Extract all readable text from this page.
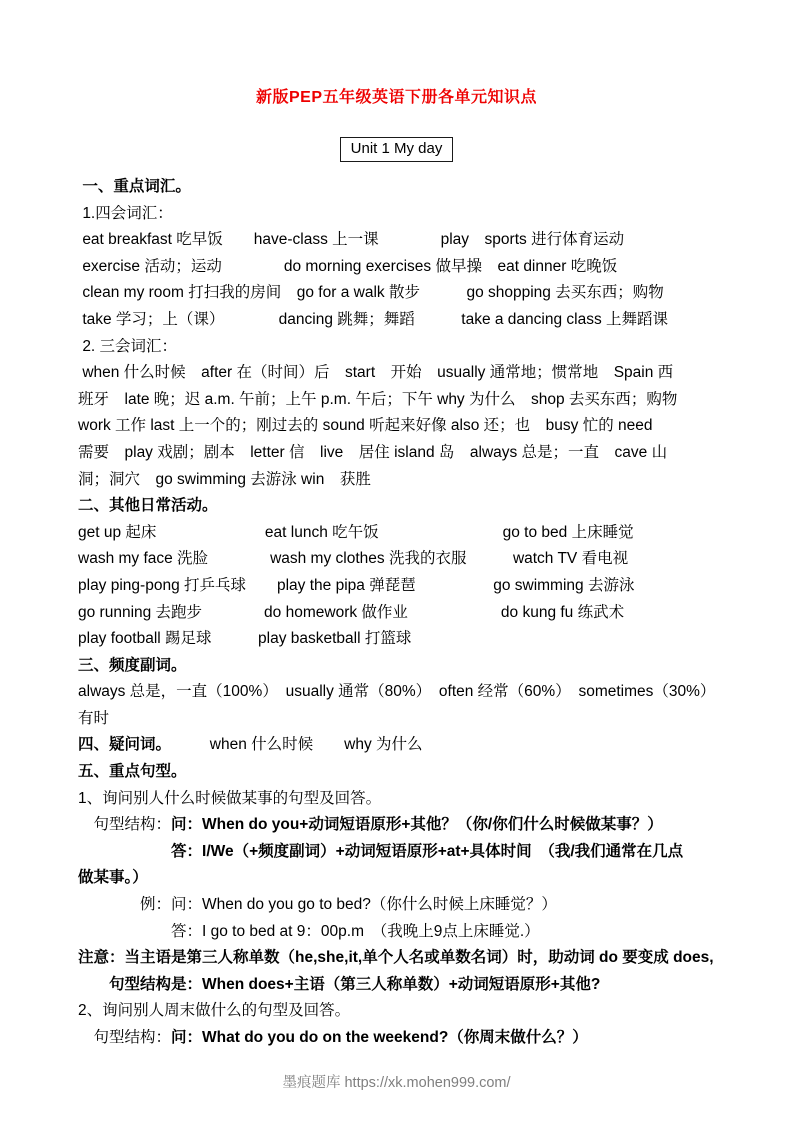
新版PEP五年级英语下册各单元知识点
Unit 1 My day
一、重点词汇。
1.四会词汇：
eat breakfast 吃早饭　　have-class 上一课　　　　play　sports 进行体育运动
exercise 活动；运动　　　　do morning exercises 做早操　eat dinner 吃晚饭
clean my room 打扫我的房间　go for a walk 散步　　　go shopping 去买东西；购物
take 学习；上（课）　　　　dancing 跳舞；舞蹈　　　take a dancing class 上舞蹈课
2. 三会词汇：
when 什么时候　after 在（时间）后　start　开始　usually 通常地；惯常地　Spain 西
班牙　late 晚；迟 a.m. 午前；上午 p.m. 午后；下午 why 为什么　shop 去买东西；购物
work 工作 last 上一个的；刚过去的 sound 听起来好像 also 还；也　busy 忙的 need
需要　play 戏剧；剧本　letter 信　live　居住 island 岛　always 总是；一直　cave 山
洞；洞穴　go swimming 去游泳 win　获胜
二、其他日常活动。
get up 起床　　　　　　　eat lunch 吃午饭　　　　　　　　go to bed 上床睡觉
wash my face 洗脸　　　　wash my clothes 洗我的衣服　　　watch TV 看电视
play ping-pong 打乒乓球　　play the pipa 弹琵琶　　　　　go swimming 去游泳
go running 去跑步　　　　do homework 做作业　　　　　　do kung fu 练武术
play football 踢足球　　　play basketball 打篮球
三、频度副词。
always 总是，一直（100%）　usually 通常（80%）　often 经常（60%）　sometimes（30%）
有时
四、疑问词。　　　when 什么时候　　why 为什么
五、重点句型。
1、询问别人什么时候做某事的句型及回答。
　句型结构：问：When do you+动词短语原形+其他？（你/你们什么时候做某事？）
　　　　　　答：I/We（+频度副词）+动词短语原形+at+具体时间　（我/我们通常在几点
做某事。）
　　　　例：问：When do you go to bed?（你什么时候上床睡觉？）
　　　　　　答：I go to bed at 9：00p.m　（我晚上9点上床睡觉.）
注意：当主语是第三人称单数（he,she,it,单个人名或单数名词）时，助动词 do 要变成 does,
　　句型结构是：When does+主语（第三人称单数）+动词短语原形+其他?
2、询问别人周末做什么的句型及回答。
　句型结构：问：What do you do on the weekend?（你周末做什么？）
墨痕题库 https://xk.mohen999.com/
